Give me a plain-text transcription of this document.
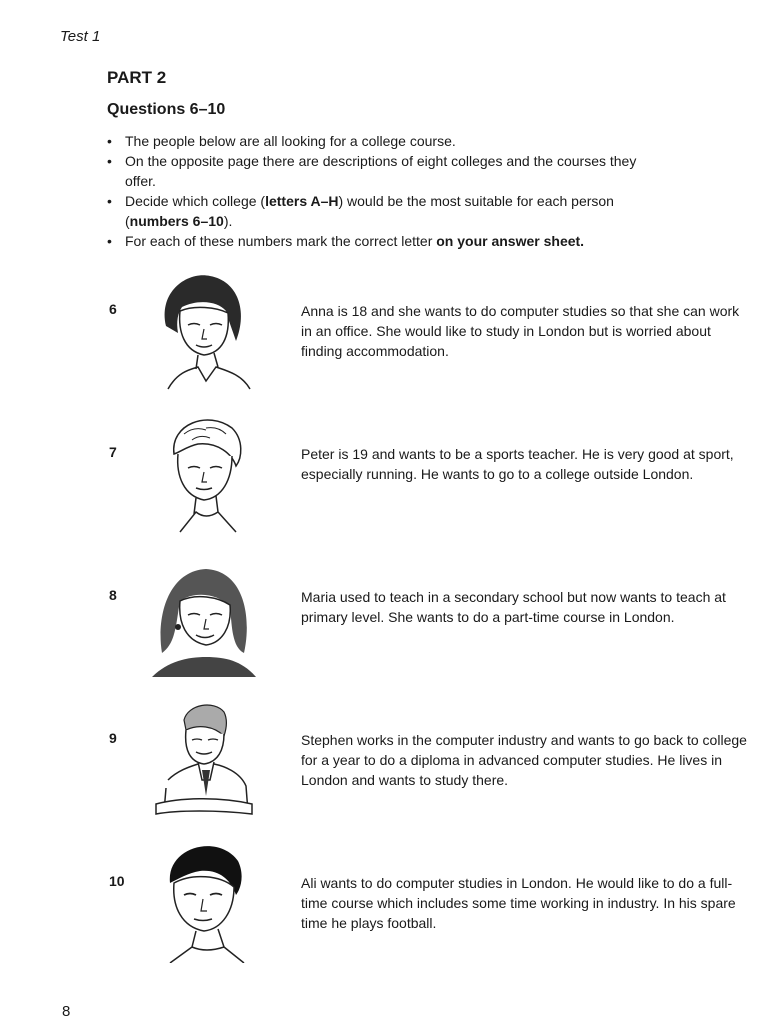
Test 1
PART 2
Questions 6–10
• The people below are all looking for a college course.
• On the opposite page there are descriptions of eight colleges and the courses they offer.
• Decide which college (letters A–H) would be the most suitable for each person (numbers 6–10).
• For each of these numbers mark the correct letter on your answer sheet.
6	Anna is 18 and she wants to do computer studies so that she can work in an office. She would like to study in London but is worried about finding accommodation.

7	Peter is 19 and wants to be a sports teacher. He is very good at sport, especially running. He wants to go to a college outside London.

8	Maria used to teach in a secondary school but now wants to teach at primary level. She wants to do a part-time course in London.

9	Stephen works in the computer industry and wants to go back to college for a year to do a diploma in advanced computer studies. He lives in London and wants to study there.

10	Ali wants to do computer studies in London. He would like to do a full-time course which includes some time working in industry. In his spare time he plays football.

8
